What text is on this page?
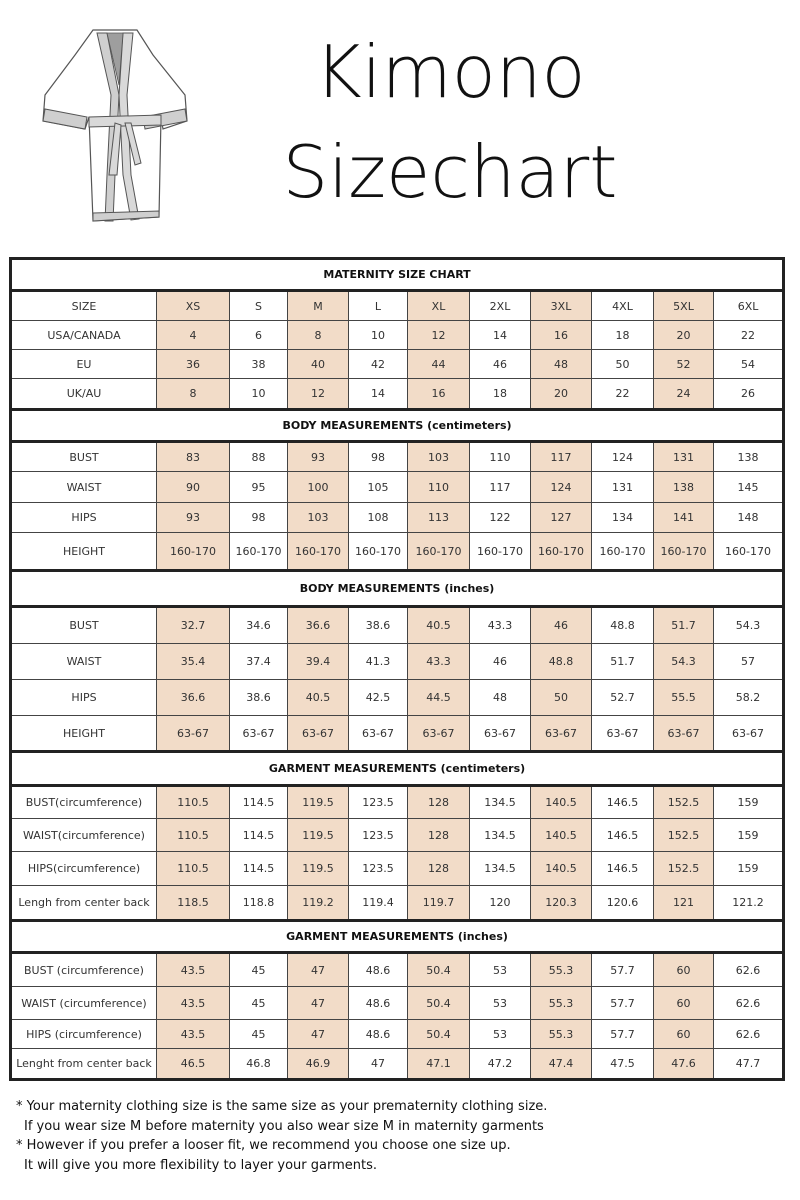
Kimono
Sizechart
MATERNITY SIZE CHART										
SIZE	XS	S	M	L	XL	2XL	3XL	4XL	5XL	6XL
USA/CANADA	4	6	8	10	12	14	16	18	20	22
EU	36	38	40	42	44	46	48	50	52	54
UK/AU	8	10	12	14	16	18	20	22	24	26
BODY MEASUREMENTS (centimeters)										
BUST	83	88	93	98	103	110	117	124	131	138
WAIST	90	95	100	105	110	117	124	131	138	145
HIPS	93	98	103	108	113	122	127	134	141	148
HEIGHT	160-170	160-170	160-170	160-170	160-170	160-170	160-170	160-170	160-170	160-170
BODY MEASUREMENTS (inches)										
BUST	32.7	34.6	36.6	38.6	40.5	43.3	46	48.8	51.7	54.3
WAIST	35.4	37.4	39.4	41.3	43.3	46	48.8	51.7	54.3	57
HIPS	36.6	38.6	40.5	42.5	44.5	48	50	52.7	55.5	58.2
HEIGHT	63-67	63-67	63-67	63-67	63-67	63-67	63-67	63-67	63-67	63-67
GARMENT MEASUREMENTS (centimeters)										
BUST(circumference)	110.5	114.5	119.5	123.5	128	134.5	140.5	146.5	152.5	159
WAIST(circumference)	110.5	114.5	119.5	123.5	128	134.5	140.5	146.5	152.5	159
HIPS(circumference)	110.5	114.5	119.5	123.5	128	134.5	140.5	146.5	152.5	159
Lengh from center back	118.5	118.8	119.2	119.4	119.7	120	120.3	120.6	121	121.2
GARMENT MEASUREMENTS (inches)										
BUST (circumference)	43.5	45	47	48.6	50.4	53	55.3	57.7	60	62.6
WAIST (circumference)	43.5	45	47	48.6	50.4	53	55.3	57.7	60	62.6
HIPS (circumference)	43.5	45	47	48.6	50.4	53	55.3	57.7	60	62.6
Lenght from center back	46.5	46.8	46.9	47	47.1	47.2	47.4	47.5	47.6	47.7
* Your maternity clothing size is the same size as your prematernity clothing size.
If you wear size M before maternity you also wear size M in maternity garments
* However if you prefer a looser fit, we recommend you choose one size up.
It will give you more flexibility to layer your garments.
